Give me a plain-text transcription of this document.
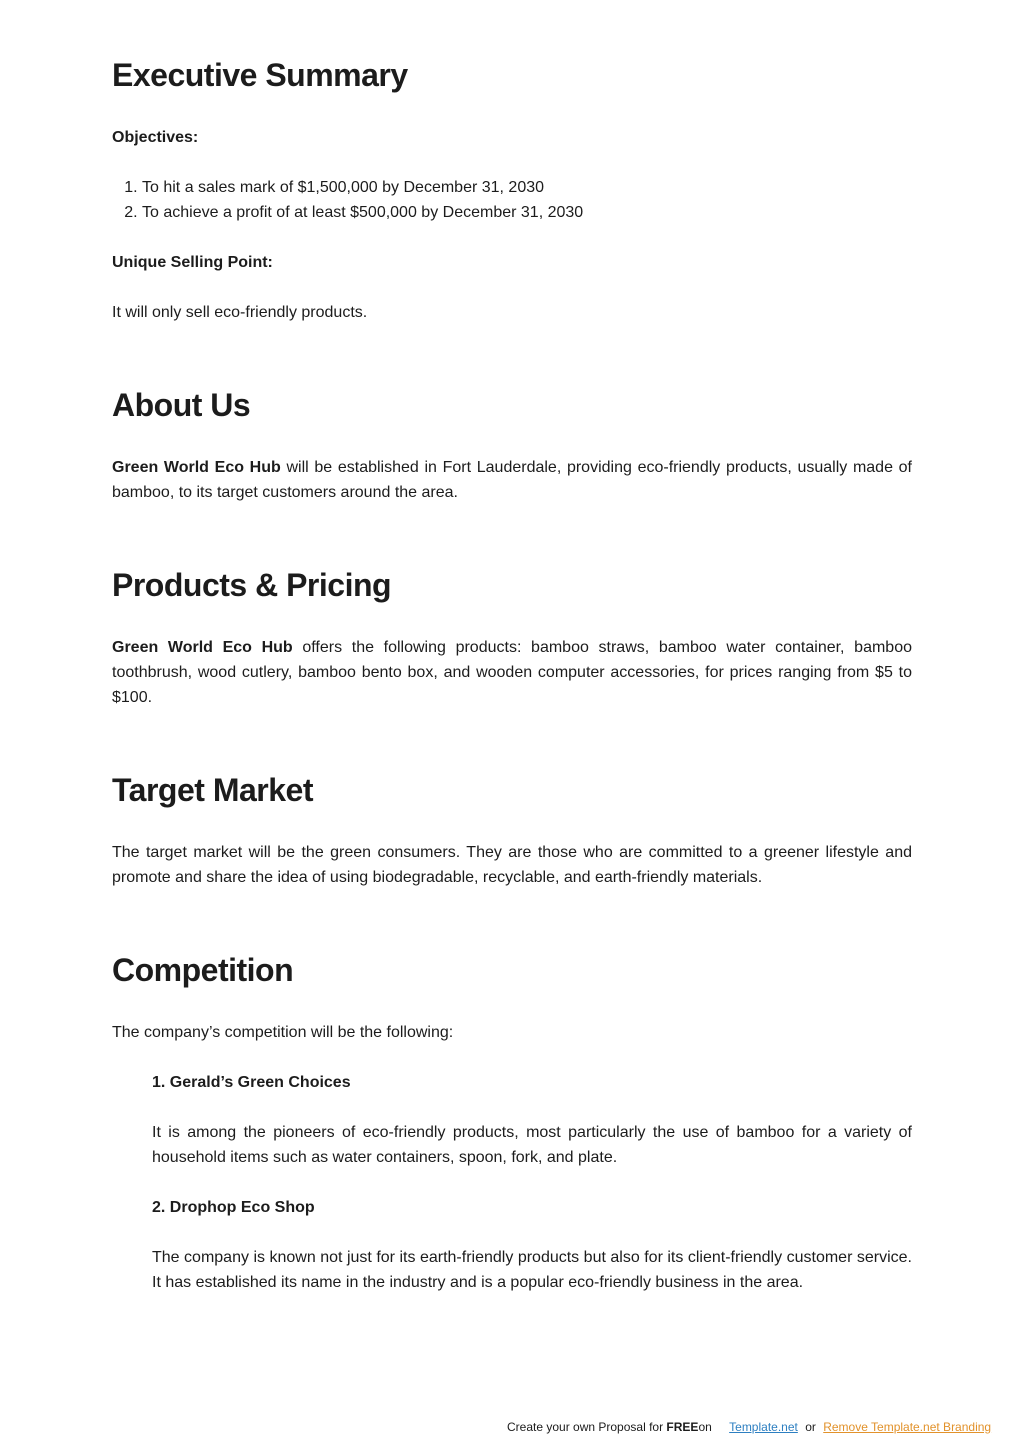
Executive Summary
Objectives:
1. To hit a sales mark of $1,500,000 by December 31, 2030
2. To achieve a profit of at least $500,000 by December 31, 2030
Unique Selling Point:

It will only sell eco-friendly products.

About Us

Green World Eco Hub will be established in Fort Lauderdale, providing eco-friendly products, usually made of bamboo, to its target customers around the area.

Products & Pricing

Green World Eco Hub offers the following products: bamboo straws, bamboo water container, bamboo toothbrush, wood cutlery, bamboo bento box, and wooden computer accessories, for prices ranging from $5 to $100.

Target Market

The target market will be the green consumers. They are those who are committed to a greener lifestyle and promote and share the idea of using biodegradable, recyclable, and earth-friendly materials.

Competition

The company’s competition will be the following:

1. Gerald’s Green Choices

It is among the pioneers of eco-friendly products, most particularly the use of bamboo for a variety of household items such as water containers, spoon, fork, and plate.

2. Drophop Eco Shop

The company is known not just for its earth-friendly products but also for its client-friendly customer service. It has established its name in the industry and is a popular eco-friendly business in the area.

Create your own Proposal for FREEon Template.net or Remove Template.net Branding
